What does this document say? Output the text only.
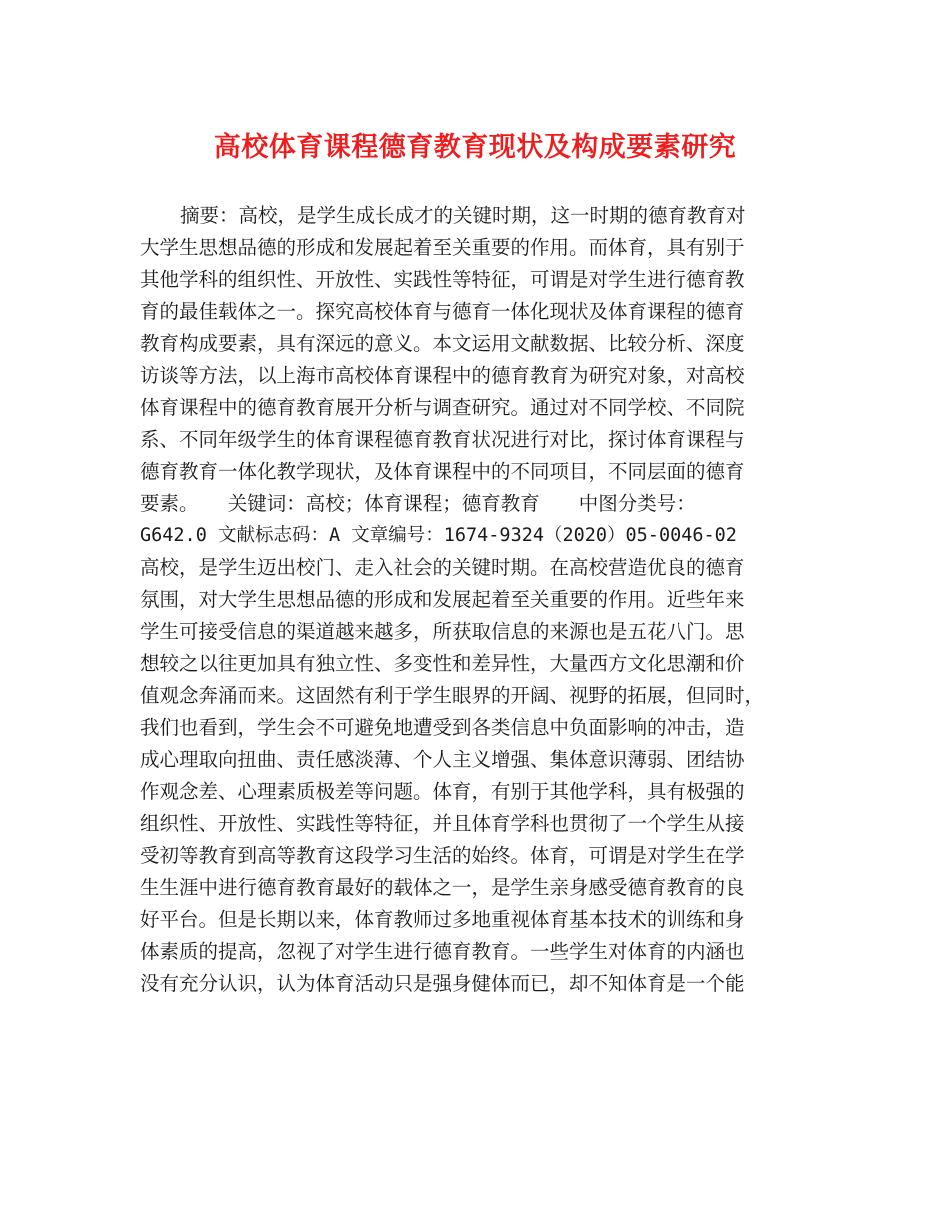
高校体育课程德育教育现状及构成要素研究
摘要：高校，是学生成长成才的关键时期，这一时期的德育教育对
大学生思想品德的形成和发展起着至关重要的作用。而体育，具有别于
其他学科的组织性、开放性、实践性等特征，可谓是对学生进行德育教
育的最佳载体之一。探究高校体育与德育一体化现状及体育课程的德育
教育构成要素，具有深远的意义。本文运用文献数据、比较分析、深度
访谈等方法，以上海市高校体育课程中的德育教育为研究对象，对高校
体育课程中的德育教育展开分析与调查研究。通过对不同学校、不同院
系、不同年级学生的体育课程德育教育状况进行对比，探讨体育课程与
德育教育一体化教学现状，及体育课程中的不同项目，不同层面的德育
要素。　　关键词：高校；体育课程；德育教育　　中图分类号：
G642.0 文献标志码：A 文章编号：1674-9324（2020）05-0046-02
高校，是学生迈出校门、走入社会的关键时期。在高校营造优良的德育
氛围，对大学生思想品德的形成和发展起着至关重要的作用。近些年来
学生可接受信息的渠道越来越多，所获取信息的来源也是五花八门。思
想较之以往更加具有独立性、多变性和差异性，大量西方文化思潮和价
值观念奔涌而来。这固然有利于学生眼界的开阔、视野的拓展，但同时，
我们也看到，学生会不可避免地遭受到各类信息中负面影响的冲击，造
成心理取向扭曲、责任感淡薄、个人主义增强、集体意识薄弱、团结协
作观念差、心理素质极差等问题。体育，有别于其他学科，具有极强的
组织性、开放性、实践性等特征，并且体育学科也贯彻了一个学生从接
受初等教育到高等教育这段学习生活的始终。体育，可谓是对学生在学
生生涯中进行德育教育最好的载体之一，是学生亲身感受德育教育的良
好平台。但是长期以来，体育教师过多地重视体育基本技术的训练和身
体素质的提高，忽视了对学生进行德育教育。一些学生对体育的内涵也
没有充分认识，认为体育活动只是强身健体而已，却不知体育是一个能
